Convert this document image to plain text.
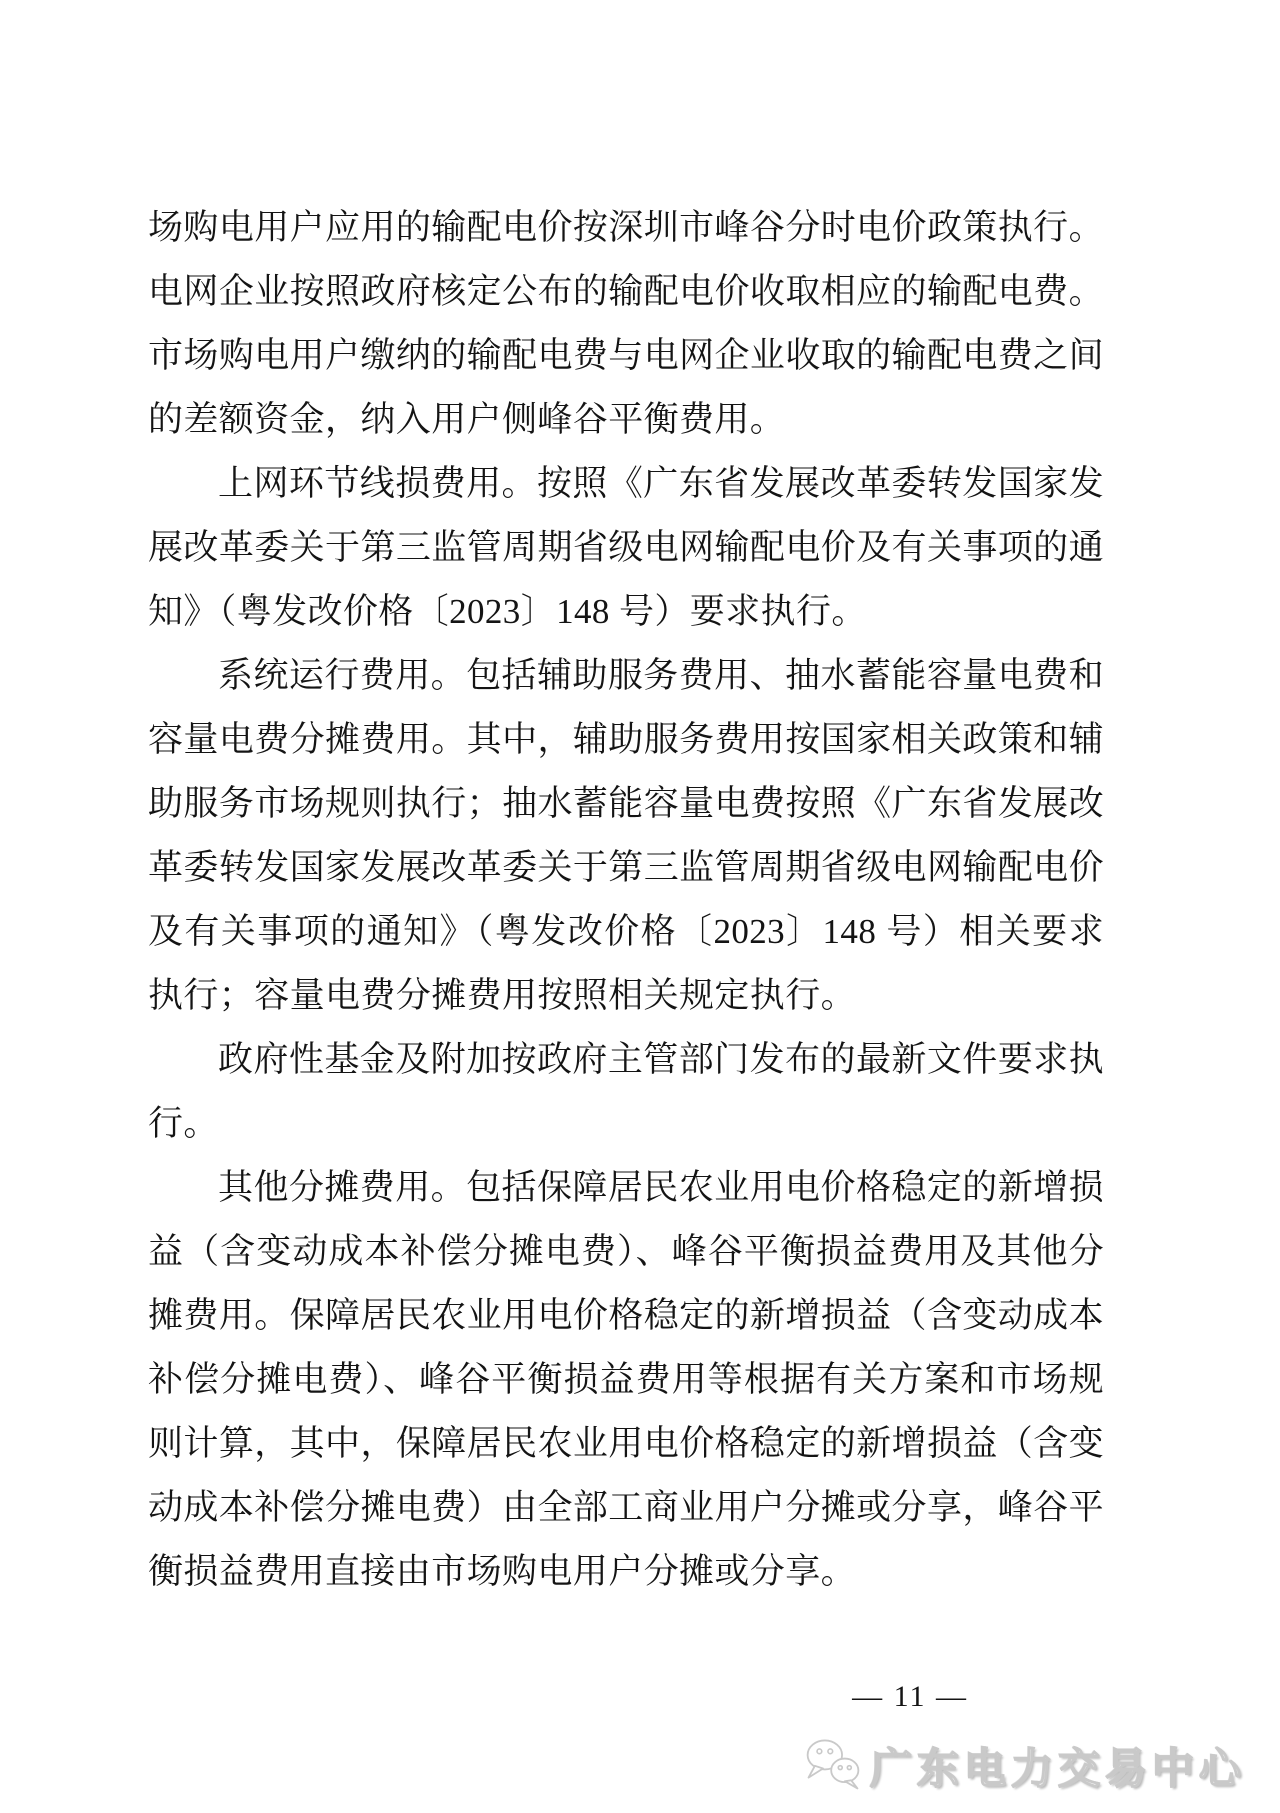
场购电用户应用的输配电价按深圳市峰谷分时电价政策执行。电网企业按照政府核定公布的输配电价收取相应的输配电费。市场购电用户缴纳的输配电费与电网企业收取的输配电费之间的差额资金，纳入用户侧峰谷平衡费用。

上网环节线损费用。按照《广东省发展改革委转发国家发展改革委关于第三监管周期省级电网输配电价及有关事项的通知》（粤发改价格〔2023〕148 号）要求执行。

系统运行费用。包括辅助服务费用、抽水蓄能容量电费和容量电费分摊费用。其中，辅助服务费用按国家相关政策和辅助服务市场规则执行；抽水蓄能容量电费按照《广东省发展改革委转发国家发展改革委关于第三监管周期省级电网输配电价及有关事项的通知》（粤发改价格〔2023〕148 号）相关要求执行；容量电费分摊费用按照相关规定执行。

政府性基金及附加按政府主管部门发布的最新文件要求执行。

其他分摊费用。包括保障居民农业用电价格稳定的新增损益（含变动成本补偿分摊电费）、峰谷平衡损益费用及其他分摊费用。保障居民农业用电价格稳定的新增损益（含变动成本补偿分摊电费）、峰谷平衡损益费用等根据有关方案和市场规则计算，其中，保障居民农业用电价格稳定的新增损益（含变动成本补偿分摊电费）由全部工商业用户分摊或分享，峰谷平衡损益费用直接由市场购电用户分摊或分享。

— 11 —
广东电力交易中心
